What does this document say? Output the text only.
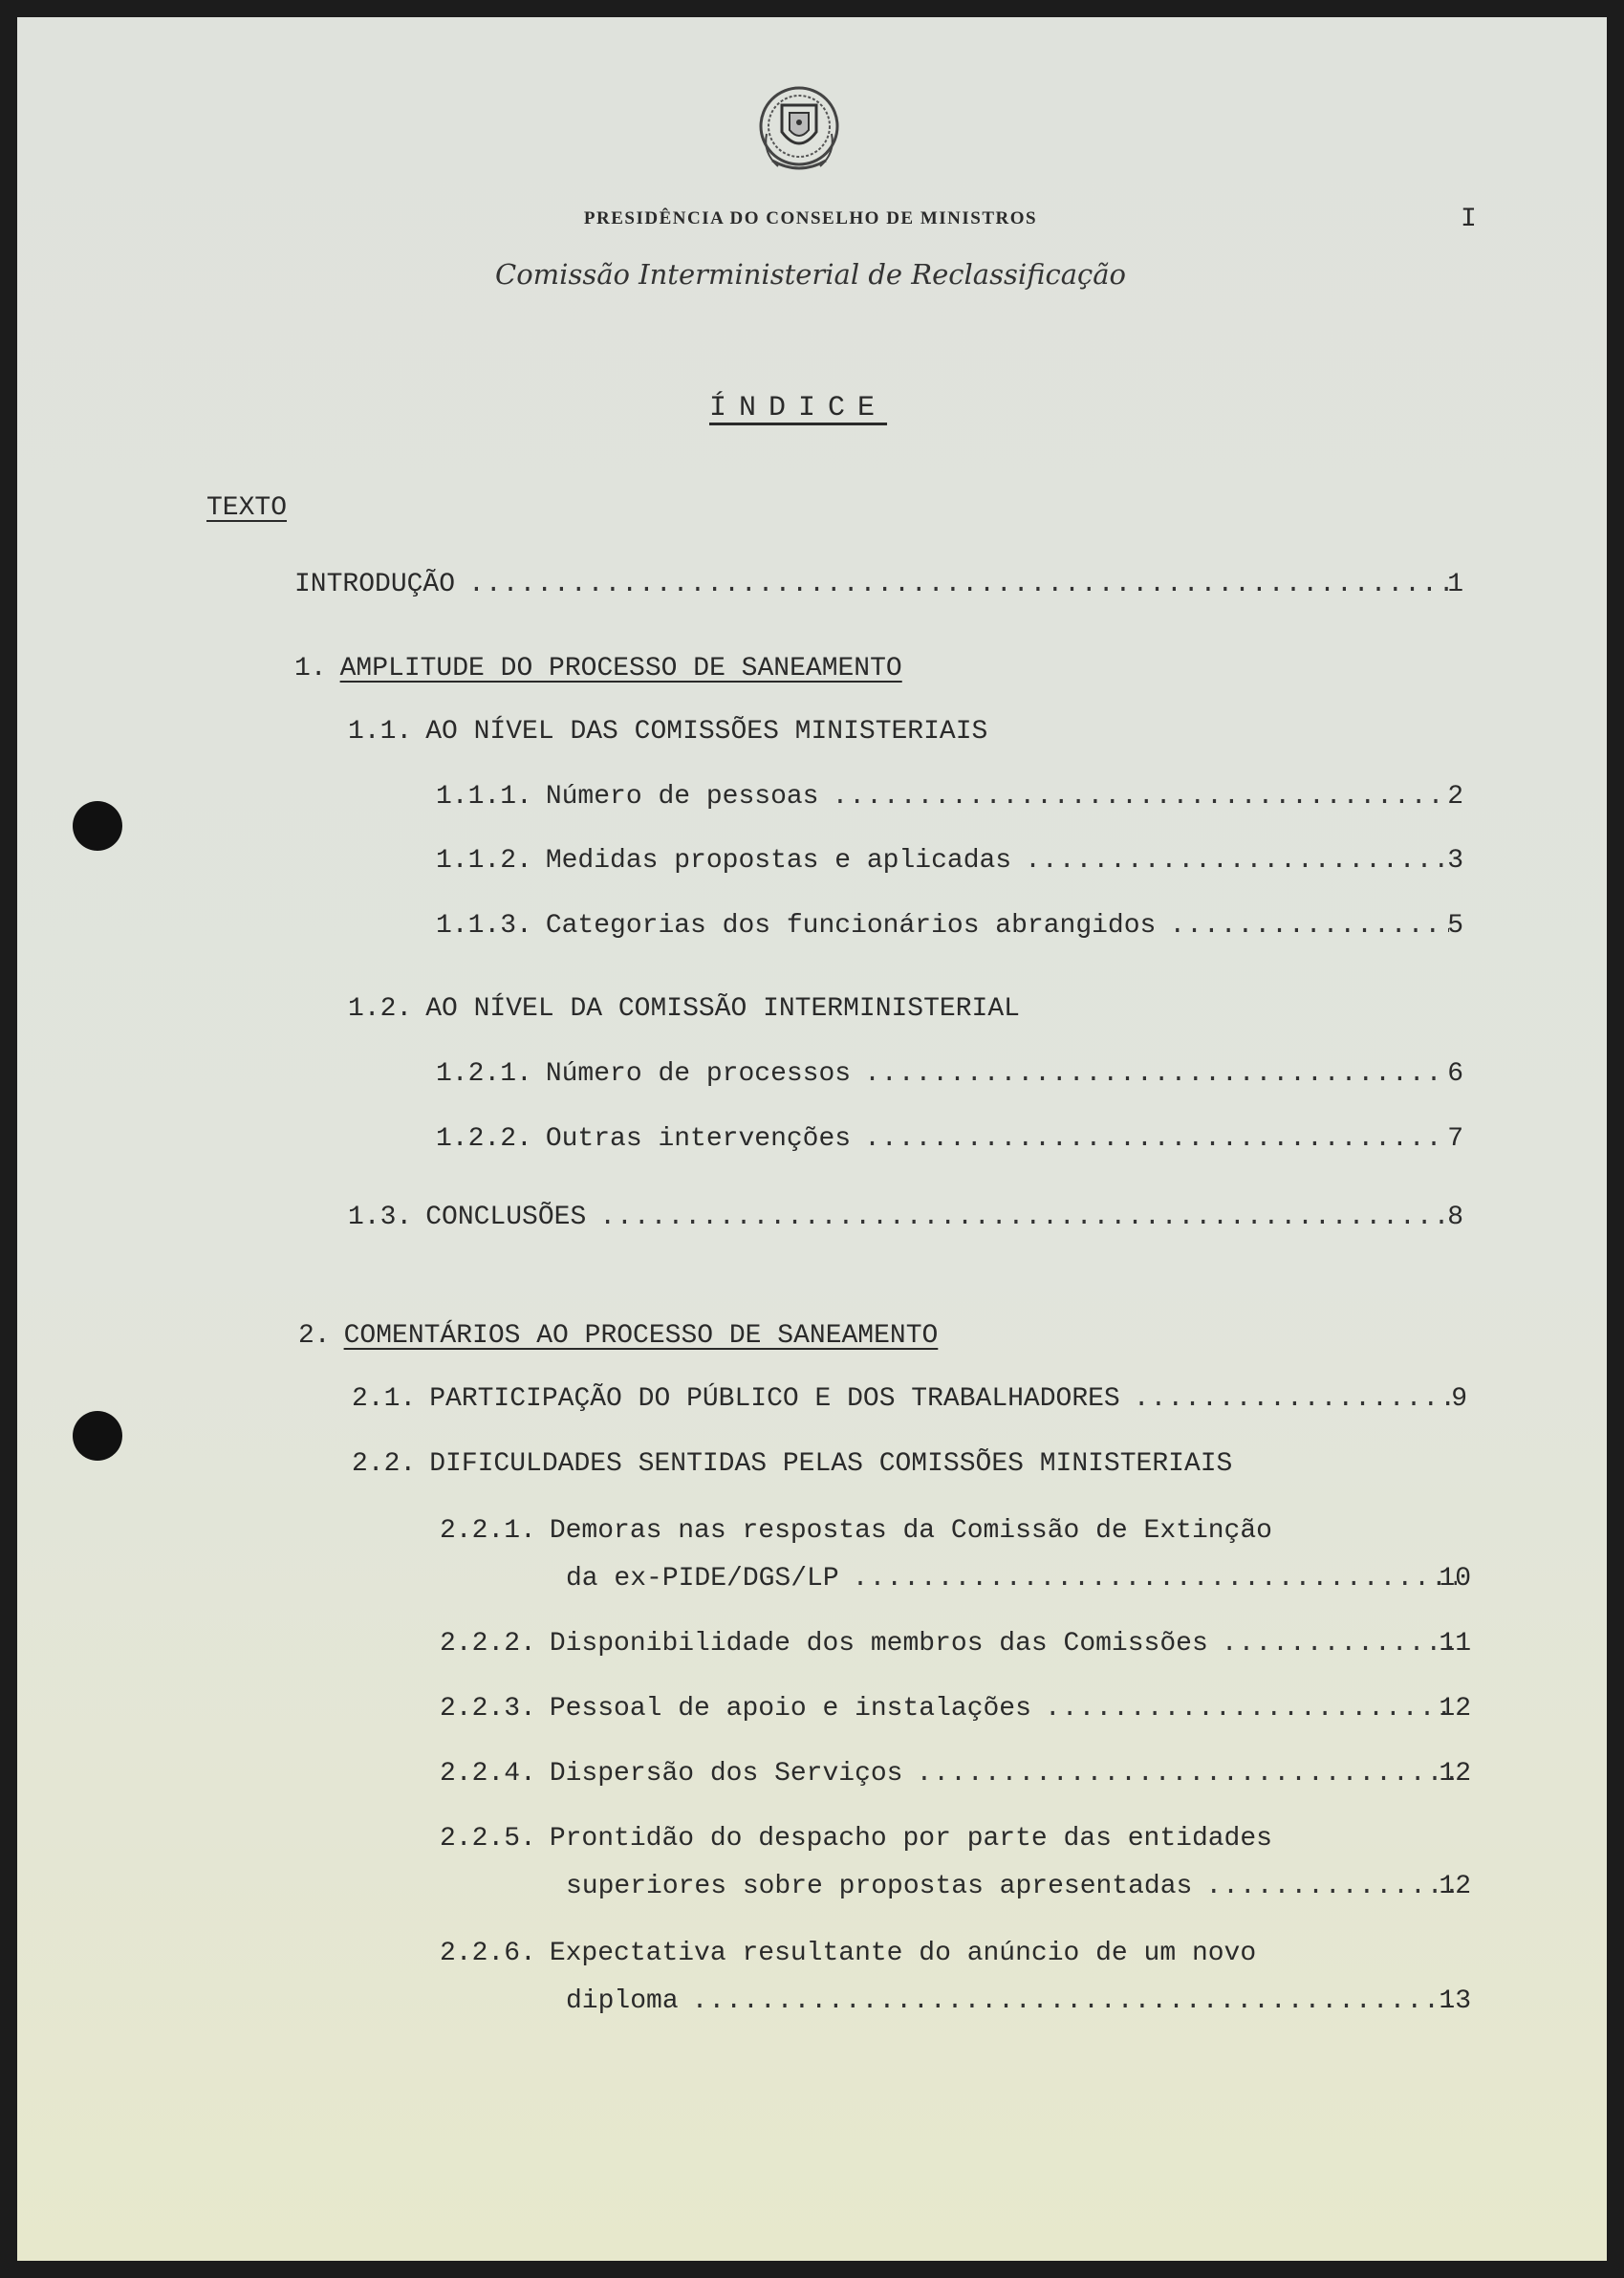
PRESIDÊNCIA DO CONSELHO DE MINISTROS
Comissão Interministerial de Reclassificação
I
ÍNDICE
TEXTO
INTRODUÇÃO .....	1
1. AMPLITUDE DO PROCESSO DE SANEAMENTO
1.1. AO NÍVEL DAS COMISSÕES MINISTERIAIS
1.1.1. Número de pessoas .....	2
1.1.2. Medidas propostas e aplicadas .....	3
1.1.3. Categorias dos funcionários abrangidos .....	5
1.2. AO NÍVEL DA COMISSÃO INTERMINISTERIAL
1.2.1. Número de processos .....	6
1.2.2. Outras intervenções .....	7
1.3. CONCLUSÕES .....	8
2. COMENTÁRIOS AO PROCESSO DE SANEAMENTO
2.1. PARTICIPAÇÃO DO PÚBLICO E DOS TRABALHADORES .....	9
2.2. DIFICULDADES SENTIDAS PELAS COMISSÕES MINISTERIAIS
2.2.1. Demoras nas respostas da Comissão de Extinção
da ex-PIDE/DGS/LP .....	10
2.2.2. Disponibilidade dos membros das Comissões .....	11
2.2.3. Pessoal de apoio e instalações .....	12
2.2.4. Dispersão dos Serviços .....	12
2.2.5. Prontidão do despacho por parte das entidades
superiores sobre propostas apresentadas .....	12
2.2.6. Expectativa resultante do anúncio de um novo
diploma .....	13
